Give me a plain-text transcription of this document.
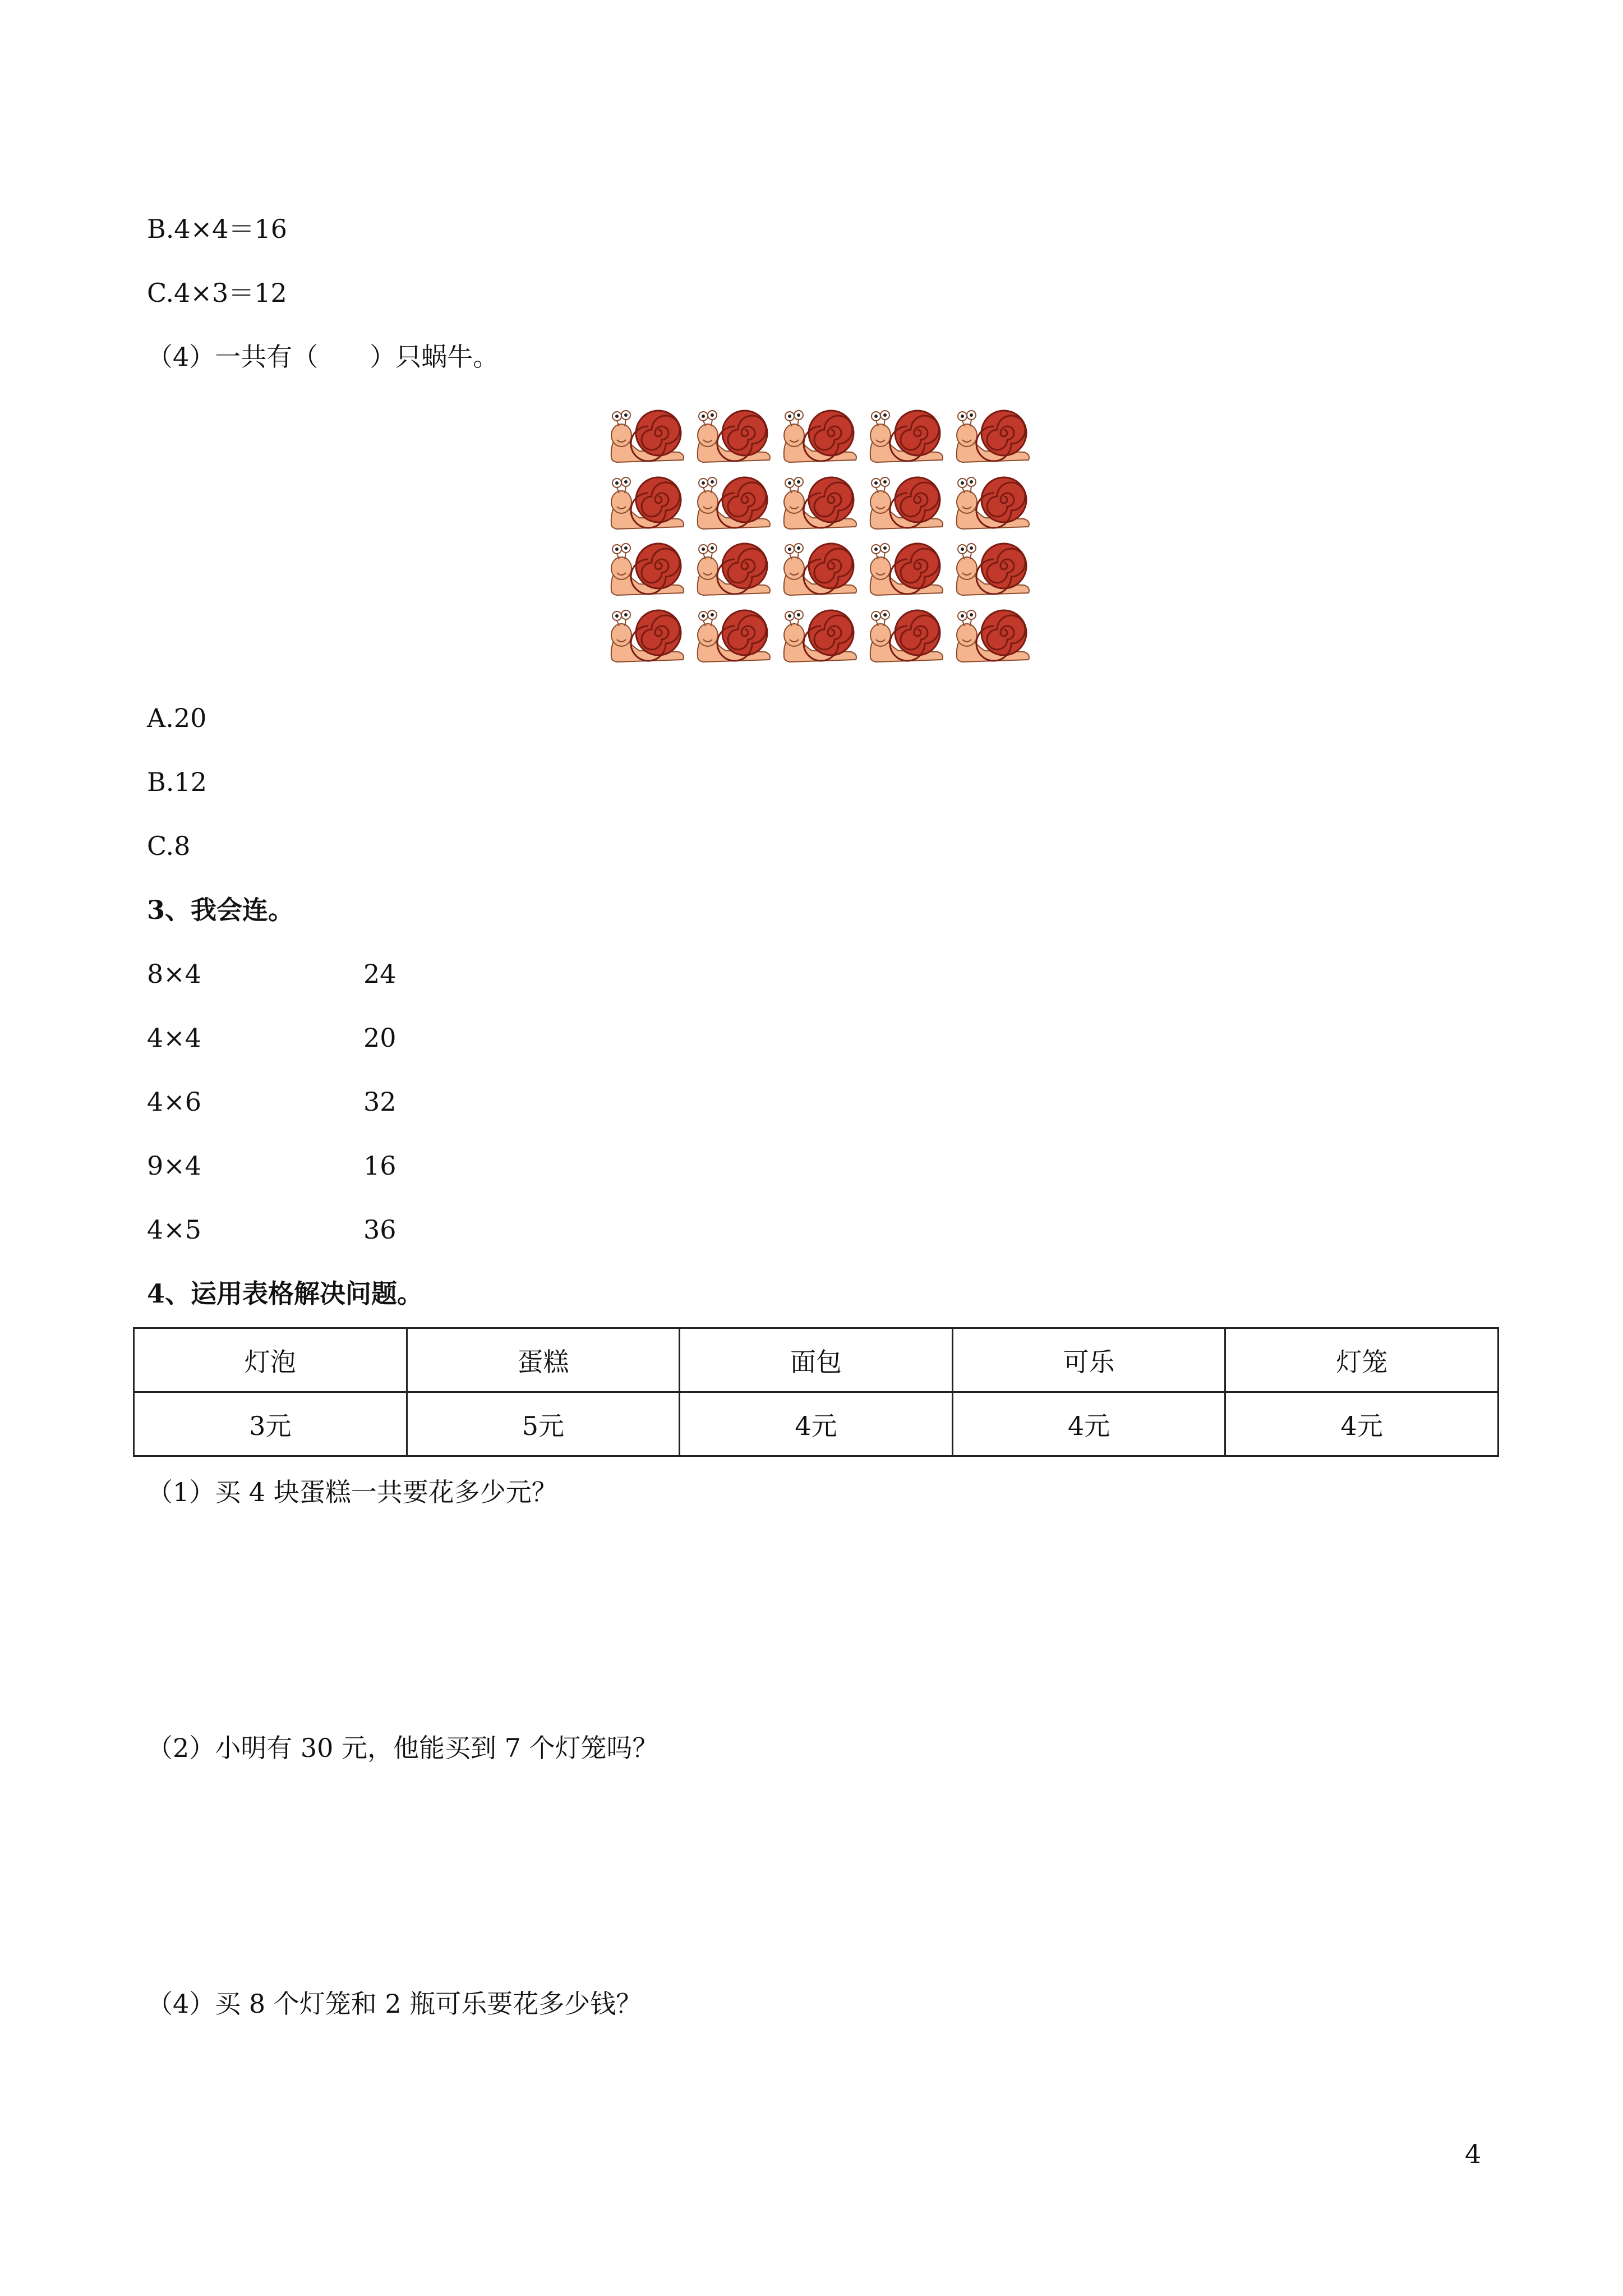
B.4×4＝16
C.4×3＝12
（4）一共有（　　）只蜗牛。
A.20
B.12
C.8
3、我会连。
8×4	24
4×4	20
4×6	32
9×4	16
4×5	36
4、运用表格解决问题。
灯泡	蛋糕	面包	可乐	灯笼
3元	5元	4元	4元	4元
（1）买 4 块蛋糕一共要花多少元？
（2）小明有 30 元，他能买到 7 个灯笼吗？
（4）买 8 个灯笼和 2 瓶可乐要花多少钱？
4
